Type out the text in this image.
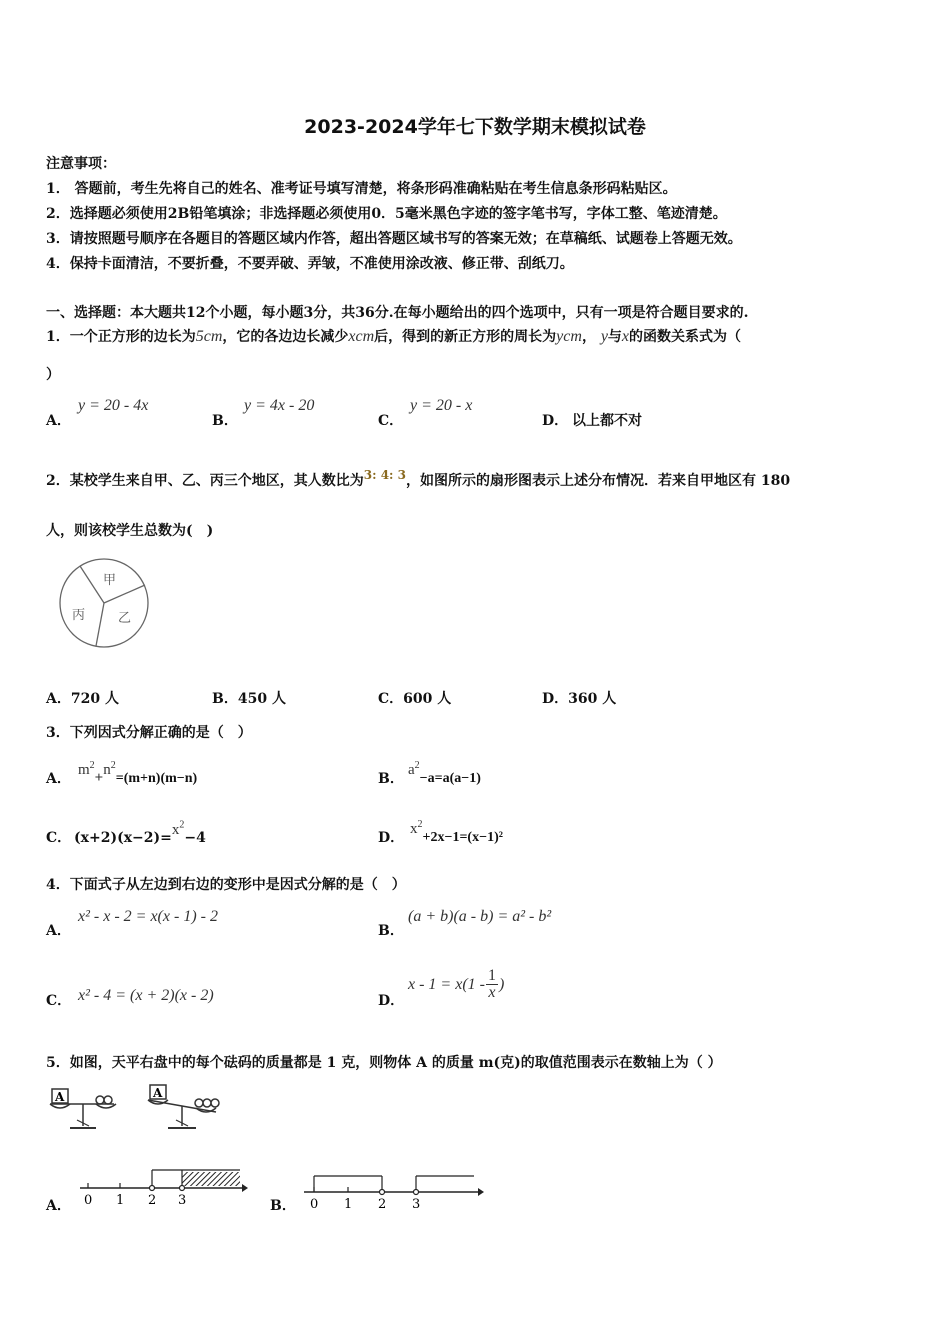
2023-2024学年七下数学期末模拟试卷
注意事项：
1． 答题前，考生先将自己的姓名、准考证号填写清楚，将条形码准确粘贴在考生信息条形码粘贴区。
2．选择题必须使用2B铅笔填涂；非选择题必须使用0．5毫米黑色字迹的签字笔书写，字体工整、笔迹清楚。
3．请按照题号顺序在各题目的答题区域内作答，超出答题区域书写的答案无效；在草稿纸、试题卷上答题无效。
4．保持卡面清洁，不要折叠，不要弄破、弄皱，不准使用涂改液、修正带、刮纸刀。
一、选择题：本大题共12个小题，每小题3分，共36分.在每小题给出的四个选项中，只有一项是符合题目要求的.
1．一个正方形的边长为5cm，它的各边边长减少xcm后，得到的新正方形的周长为ycm， y与x的函数关系式为（
）
A．
y = 20 - 4x
B．
y = 4x - 20
C．
y = 20 - x
D． 以上都不对
2．某校学生来自甲、乙、丙三个地区，其人数比为3: 4: 3，如图所示的扇形图表示上述分布情况．若来自甲地区有 180
人，则该校学生总数为(　)
甲
乙
丙
A．720 人	B．450 人	C．600 人	D．360 人
3．下列因式分解正确的是（　）
A．
$m^2+n^2=(m+n)(m-n)$	B．
$a^2-a=a(a-1)$
C． $(x+2)(x-2)=x^2-4$	D．
$x^2+2x-1=(x-1)^2$
4．下面式子从左边到右边的变形中是因式分解的是（　）
A．
x² - x - 2 = x(x - 1) - 2
B．
(a + b)(a - b) = a² - b²
C． x² - 4 = (x + 2)(x - 2)	D．
$x - 1 = x(1 - \frac{1}{x}$ )
5．如图，天平右盘中的每个砝码的质量都是 1 克，则物体 A 的质量 m(克)的取值范围表示在数轴上为（ ）
A	A
A． 0 1 2 3	B． 0 1 2 3
